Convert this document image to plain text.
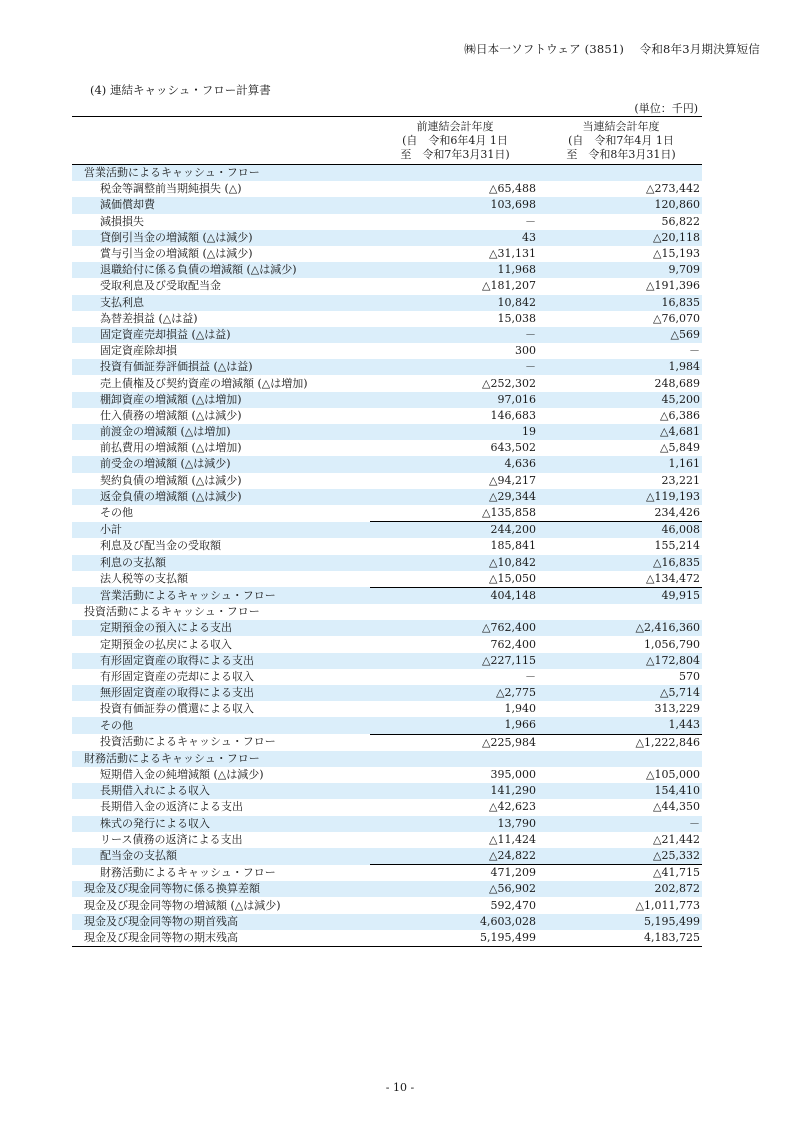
㈱日本一ソフトウェア (3851)　 令和8年3月期決算短信
(4) 連結キャッシュ・フロー計算書
(単位：千円)

	前連結会計年度
(自　令和6年4月 1日
至　令和7年3月31日)	当連結会計年度
(自　令和7年4月 1日
至　令和8年3月31日)

営業活動によるキャッシュ・フロー		
税金等調整前当期純損失 (△)	△65,488	△273,442
減価償却費	103,698	120,860
減損損失	－	56,822
貸倒引当金の増減額 (△は減少)	43	△20,118
賞与引当金の増減額 (△は減少)	△31,131	△15,193
退職給付に係る負債の増減額 (△は減少)	11,968	9,709
受取利息及び受取配当金	△181,207	△191,396
支払利息	10,842	16,835
為替差損益 (△は益)	15,038	△76,070
固定資産売却損益 (△は益)	－	△569
固定資産除却損	300	－
投資有価証券評価損益 (△は益)	－	1,984
売上債権及び契約資産の増減額 (△は増加)	△252,302	248,689
棚卸資産の増減額 (△は増加)	97,016	45,200
仕入債務の増減額 (△は減少)	146,683	△6,386
前渡金の増減額 (△は増加)	19	△4,681
前払費用の増減額 (△は増加)	643,502	△5,849
前受金の増減額 (△は減少)	4,636	1,161
契約負債の増減額 (△は減少)	△94,217	23,221
返金負債の増減額 (△は減少)	△29,344	△119,193
その他	△135,858	234,426
小計	244,200	46,008
利息及び配当金の受取額	185,841	155,214
利息の支払額	△10,842	△16,835
法人税等の支払額	△15,050	△134,472
営業活動によるキャッシュ・フロー	404,148	49,915
投資活動によるキャッシュ・フロー		
定期預金の預入による支出	△762,400	△2,416,360
定期預金の払戻による収入	762,400	1,056,790
有形固定資産の取得による支出	△227,115	△172,804
有形固定資産の売却による収入	－	570
無形固定資産の取得による支出	△2,775	△5,714
投資有価証券の償還による収入	1,940	313,229
その他	1,966	1,443
投資活動によるキャッシュ・フロー	△225,984	△1,222,846
財務活動によるキャッシュ・フロー		
短期借入金の純増減額 (△は減少)	395,000	△105,000
長期借入れによる収入	141,290	154,410
長期借入金の返済による支出	△42,623	△44,350
株式の発行による収入	13,790	－
リース債務の返済による支出	△11,424	△21,442
配当金の支払額	△24,822	△25,332
財務活動によるキャッシュ・フロー	471,209	△41,715
現金及び現金同等物に係る換算差額	△56,902	202,872
現金及び現金同等物の増減額 (△は減少)	592,470	△1,011,773
現金及び現金同等物の期首残高	4,603,028	5,195,499
現金及び現金同等物の期末残高	5,195,499	4,183,725
- 10 -
